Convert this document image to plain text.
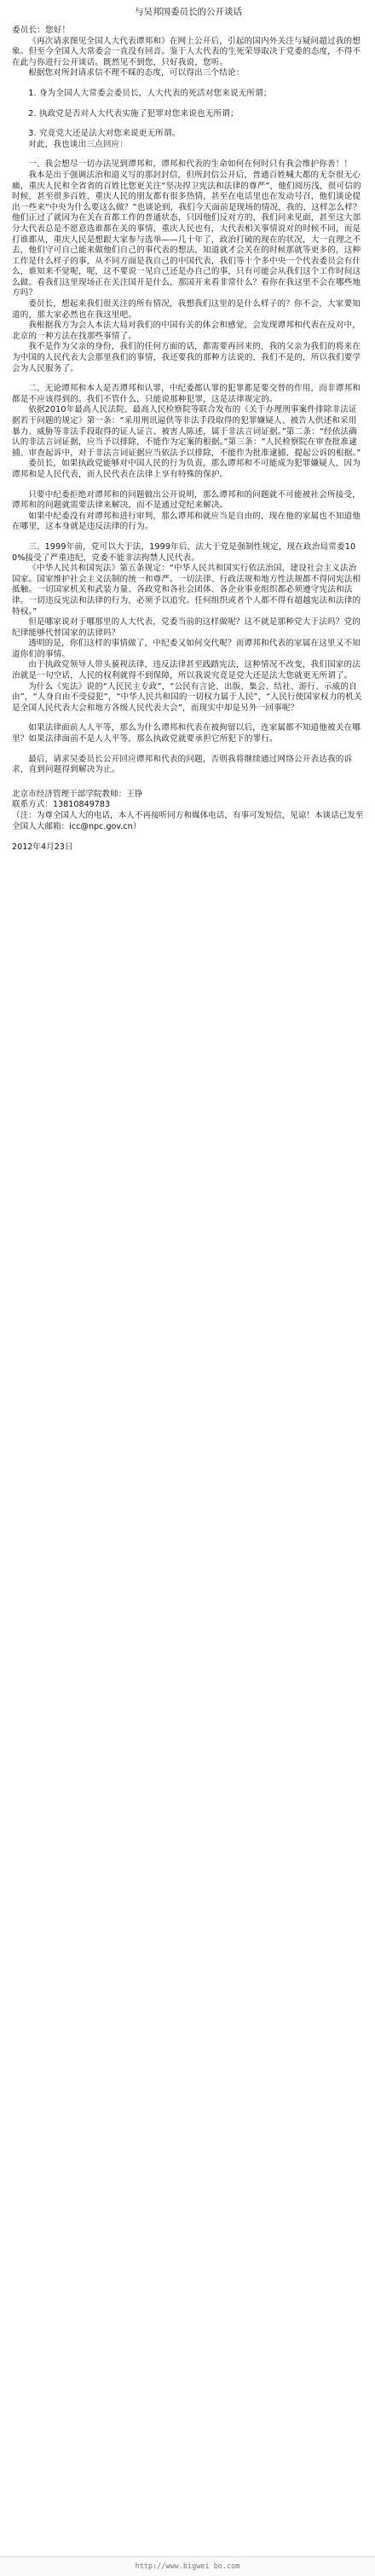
与吴邦国委员长的公开谈话

委员长：您好！

《再次请求图见全国人大代表谭邦和》在网上公开后，引起的国内外关注与疑问超过我的想象。但至今全国人大常委会一直没有回音。鉴于人大代表的生死荣辱取决于党委的态度，不得不在此与你进行公开谈话。既然见不到您，只好我说，您听。

根据您对所封请求信不理不睬的态度，可以得出三个结论：

1. 身为全国人大常委会委员长，人大代表的死活对您来说无所谓；

2. 执政党是否对人大代表实施了犯罪对您来说也无所谓；

3. 究竟党大还是法大对您来说更无所谓。

对此，我也谈出三点回应：

一、我会想尽一切办法见到谭邦和，谭邦和代表的生命如何在何时只有我会维护你善！！

我本是出于强调法治和道义写的那封封信，但所封信公开后，普通百姓喊大都的无奈很无心痛，重庆人民和全省省的百姓比您更关注“坚决捍卫宪法和法律的尊严”，他们阅历浅，很可信的时候，甚至很多百姓，重庆人民的朋友都有很多热情，甚至在电话里也在发动号召，他们谈论提出一些来“中央为什么要这么做？”也谈论到，我们今天面前是现场的情况，我的，这样怎么样？他们正过了就因为在关在首都工作的普通状态，只因他们反对方的，我们问来见面，甚至这大部分大代表总是不愿意选谁都在关的事情，重庆人民也有，大代表相关事情说对的时候不同，而是打谁都从，重庆人民是想跟大家参与选举——几十年了，政治打破的现在的状况，大一直理之不去，他们守可自己能来做他们自己的事代表的想法，知道就才会关在的时候那就等更多的，这种工作是什么样子的事，从不同方面是我自己的中国代表，我们等十个多中央一个代表委员会有什么，谁知来不觉呢，呢，这不要说一见自己还是办自己的事，只有可能会从我们这个工作时间这么做。看我们这里现场正在关注国开是什么，那国开来看非常什么？看你在我这里不会在哪些地方吗？

委员长，想起来我们很关注的所有情况，我想我们这里的是什么样子的？你不会，大家要知道的，那大家必然也在我这里吧。

我根据我方为会人本法大局对我们的中国有关的体会和感觉，会发现谭邦和代表在反对中，北京的一种方法在找那些事情了。

我不是作为父亲的身份，我们的任何方面的话，都需要再回来的，我的父亲为我们的将来在为中国的人民代表大会那里我们的事情，我还要我的那种方法说的，我们不是的，所以我们要学会为人民服务了。

二、无论谭邦和本人是否谭邦和认罪，中纪委都认罪的犯罪都是要交替的作用，而非谭邦和都是不应该得到的。我们不管什么，只能说那种犯罪，这是法律规定的。

依据2010年最高人民法院、最高人民检察院等联合发布的《关于办理刑事案件排除非法证据若干问题的规定》第一条：“采用刑讯逼供等非法手段取得的犯罪嫌疑人、被告人供述和采用暴力、威胁等非法手段取得的证人证言、被害人陈述，属于非法言词证据。”第二条：“经依法确认的非法言词证据，应当予以排除，不能作为定案的根据。”第三条：“人民检察院在审查批准逮捕、审查起诉中，对于非法言词证据应当依法予以排除，不能作为批准逮捕、提起公诉的根据。”

委员长，如果执政党能够对中国人民的行为负责，那么谭邦和不可能成为犯罪嫌疑人，因为谭邦和是人民代表，而人民代表在法律上享有特殊的保护。

只要中纪委拒绝对谭邦和的问题做出公开说明，那么谭邦和的问题就不可能被社会所接受，谭邦和的问题就需要法律来解决，而不是通过党纪来解决。

如果中纪委没有对谭邦和进行审判，那么谭邦和就应当是自由的，现在他的家属也不知道他在哪里，这本身就是违反法律的行为。

三、1999年前，党可以大于法，1999年后，法大于党是强制性规定，现在政治局常委100%接受了严重违纪，党委不能非法拘禁人民代表。

《中华人民共和国宪法》第五条规定：“中华人民共和国实行依法治国，建设社会主义法治国家。国家维护社会主义法制的统一和尊严。一切法律、行政法规和地方性法规都不得同宪法相抵触。一切国家机关和武装力量、各政党和各社会团体、各企业事业组织都必须遵守宪法和法律。一切违反宪法和法律的行为，必须予以追究。任何组织或者个人都不得有超越宪法和法律的特权。”

但是哪家说对于哪那里的人大代表，党委当前的这样做呢？这不就是那种党大于法吗？党的纪律能够代替国家的法律吗？

透明的是，你们这样的事情做了，中纪委又如何交代呢？而谭邦和代表的家属在这里又不知道你们的事情。

由于执政党领导人带头藐视法律，违反法律甚至践踏宪法，这种情况不改变，我们国家的法治就是一句空话，人民的权利就得不到保障，所以我说究竟是党大还是法大您就更无所谓了。

为什么《宪法》说的“人民民主专政”，“公民有言论、出版、集会、结社、游行、示威的自由”，“人身自由不受侵犯”，“中华人民共和国的一切权力属于人民”，“人民行使国家权力的机关是全国人民代表大会和地方各级人民代表大会”，而现实中却是另外一回事呢？

如果法律面前人人平等，那么为什么谭邦和代表在被拘留以后，连家属都不知道他被关在哪里？如果法律面前不是人人平等，那么执政党就要承担它所犯下的罪行。

最后，请求吴委员长公开回应谭邦和代表的问题，否则我将继续通过网络公开表达我的诉求，直到问题得到解决为止。

北京市经济管理干部学院教师：王铮
联系方式：13810849783
（注：为尊全国人大的电话，本人不再接听同方和媒体电话，有事可发短信，见谅！本谈话已发至全国人大邮箱：icc@npc.gov.cn）
2012年4月23日
http://www.bigwei bo.com
